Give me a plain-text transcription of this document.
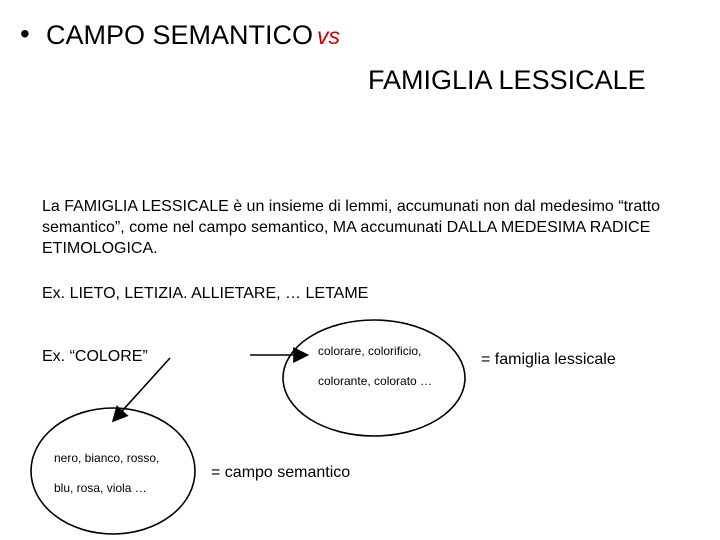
• CAMPO SEMANTICO vs
FAMIGLIA LESSICALE
La FAMIGLIA LESSICALE è un insieme di lemmi, accumunati non dal medesimo “tratto semantico”, come nel campo semantico, MA accumunati DALLA MEDESIMA RADICE ETIMOLOGICA.
Ex. LIETO, LETIZIA. ALLIETARE, … LETAME
Ex. “COLORE”	colorare, colorificio,
colorante, colorato …
= famiglia lessicale
nero, bianco, rosso,
blu, rosa, viola …
= campo semantico
